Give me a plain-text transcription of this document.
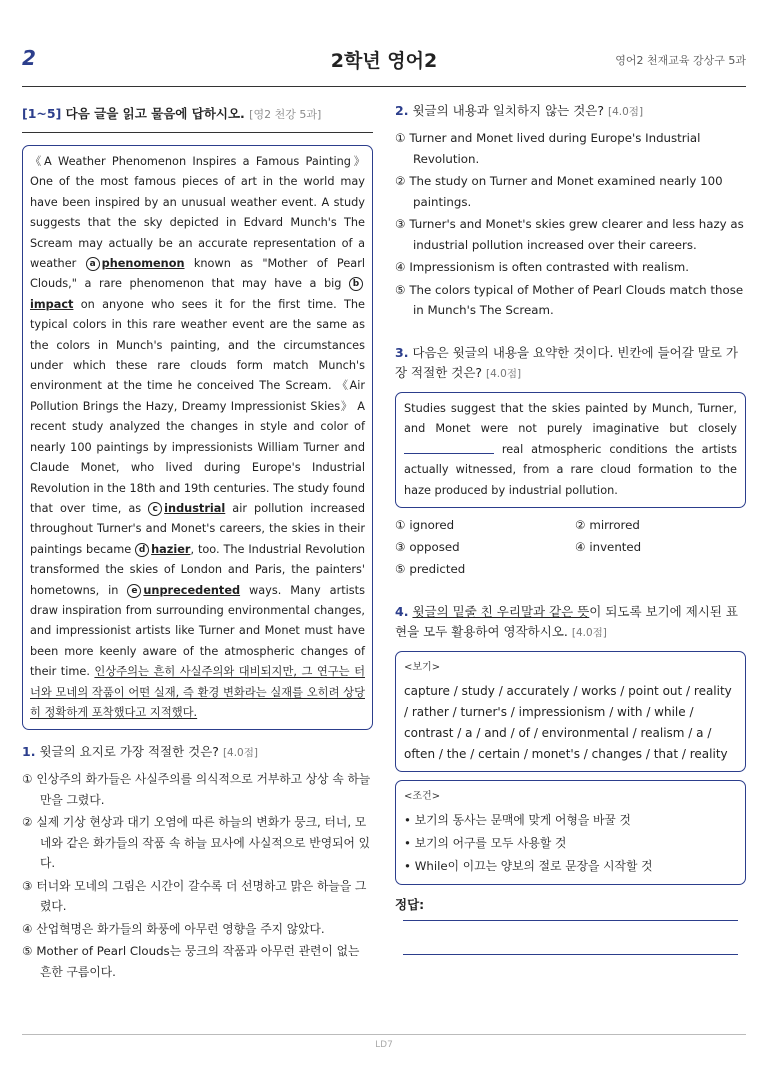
2	2학년 영어2	영어2 천재교육 강상구 5과
[1~5] 다음 글을 읽고 물음에 답하시오. [영2 천강 5과]
《A Weather Phenomenon Inspires a Famous Painting》 One of the most famous pieces of art in the world may have been inspired by an unusual weather event. A study suggests that the sky depicted in Edvard Munch's The Scream may actually be an accurate representation of a weather a phenomenon known as "Mother of Pearl Clouds," a rare phenomenon that may have a big bimpact on anyone who sees it for the first time. The typical colors in this rare weather event are the same as the colors in Munch's painting, and the circumstances under which these rare clouds form match Munch's environment at the time he conceived The Scream. 《Air Pollution Brings the Hazy, Dreamy Impressionist Skies》 A recent study analyzed the changes in style and color of nearly 100 paintings by impressionists William Turner and Claude Monet, who lived during Europe's Industrial Revolution in the 18th and 19th centuries. The study found that over time, as c industrial air pollution increased throughout Turner's and Monet's careers, the skies in their paintings became d hazier, too. The Industrial Revolution transformed the skies of London and Paris, the painters' hometowns, in e unprecedented ways. Many artists draw inspiration from surrounding environmental changes, and impressionist artists like Turner and Monet must have been more keenly aware of the atmospheric changes of their time. 인상주의는 흔히 사실주의와 대비되지만, 그 연구는 터너와 모네의 작품이 어떤 실재, 즉 환경 변화라는 실재를 오히려 상당히 정확하게 포착했다고 지적했다.
1. 윗글의 요지로 가장 적절한 것은? [4.0점]
① 인상주의 화가들은 사실주의를 의식적으로 거부하고 상상 속 하늘만을 그렸다.
② 실제 기상 현상과 대기 오염에 따른 하늘의 변화가 뭉크, 터너, 모네와 같은 화가들의 작품 속 하늘 묘사에 사실적으로 반영되어 있다.
③ 터너와 모네의 그림은 시간이 갈수록 더 선명하고 맑은 하늘을 그렸다.
④ 산업혁명은 화가들의 화풍에 아무런 영향을 주지 않았다.
⑤ Mother of Pearl Clouds는 뭉크의 작품과 아무런 관련이 없는 흔한 구름이다.
2. 윗글의 내용과 일치하지 않는 것은? [4.0점]
① Turner and Monet lived during Europe's Industrial Revolution.
② The study on Turner and Monet examined nearly 100 paintings.
③ Turner's and Monet's skies grew clearer and less hazy as industrial pollution increased over their careers.
④ Impressionism is often contrasted with realism.
⑤ The colors typical of Mother of Pearl Clouds match those in Munch's The Scream.
3. 다음은 윗글의 내용을 요약한 것이다. 빈칸에 들어갈 말로 가장 적절한 것은? [4.0점]
Studies suggest that the skies painted by Munch, Turner, and Monet were not purely imaginative but closely  real atmospheric conditions the artists actually witnessed, from a rare cloud formation to the haze produced by industrial pollution.
① ignored	② mirrored
③ opposed	④ invented
⑤ predicted
4. 윗글의 밑줄 친 우리말과 같은 뜻이 되도록 보기에 제시된 표현을 모두 활용하여 영작하시오. [4.0점]
<보기>
capture / study / accurately / works / point out / reality / rather / turner's / impressionism / with / while / contrast / a / and / of / environmental / realism / a / often / the / certain / monet's / changes / that / reality
<조건>
• 보기의 동사는 문맥에 맞게 어형을 바꿀 것
• 보기의 어구를 모두 사용할 것
• While이 이끄는 양보의 절로 문장을 시작할 것
정답:
LD7
